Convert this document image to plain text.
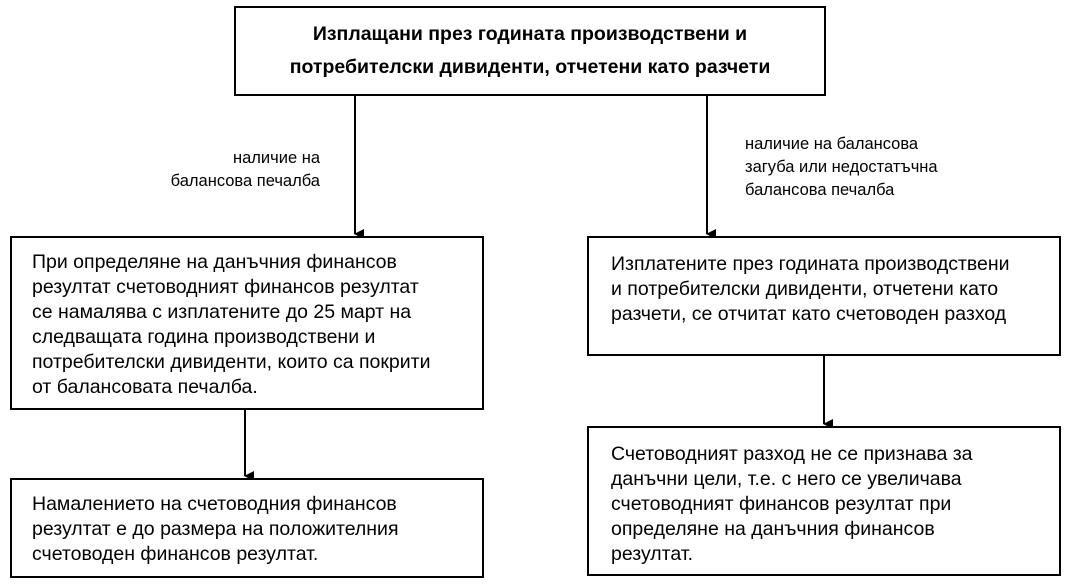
Изплащани през годината производствени и
потребителски дивиденти, отчетени като разчети
наличие на
балансова печалба
наличие на балансова
загуба или недостатъчна
балансова печалба
При определяне на данъчния финансов
резултат счетоводният финансов резултат
се намалява с изплатените до 25 март на
следващата година производствени и
потребителски дивиденти, които са покрити
от балансовата печалба.
Намалението на счетоводния финансов
резултат е до размера на положителния
счетоводен финансов резултат.
Изплатените през годината производствени
и потребителски дивиденти, отчетени като
разчети, се отчитат като счетоводен разход
Счетоводният разход не се признава за
данъчни цели, т.е. с него се увеличава
счетоводният финансов резултат при
определяне на данъчния финансов
резултат.
